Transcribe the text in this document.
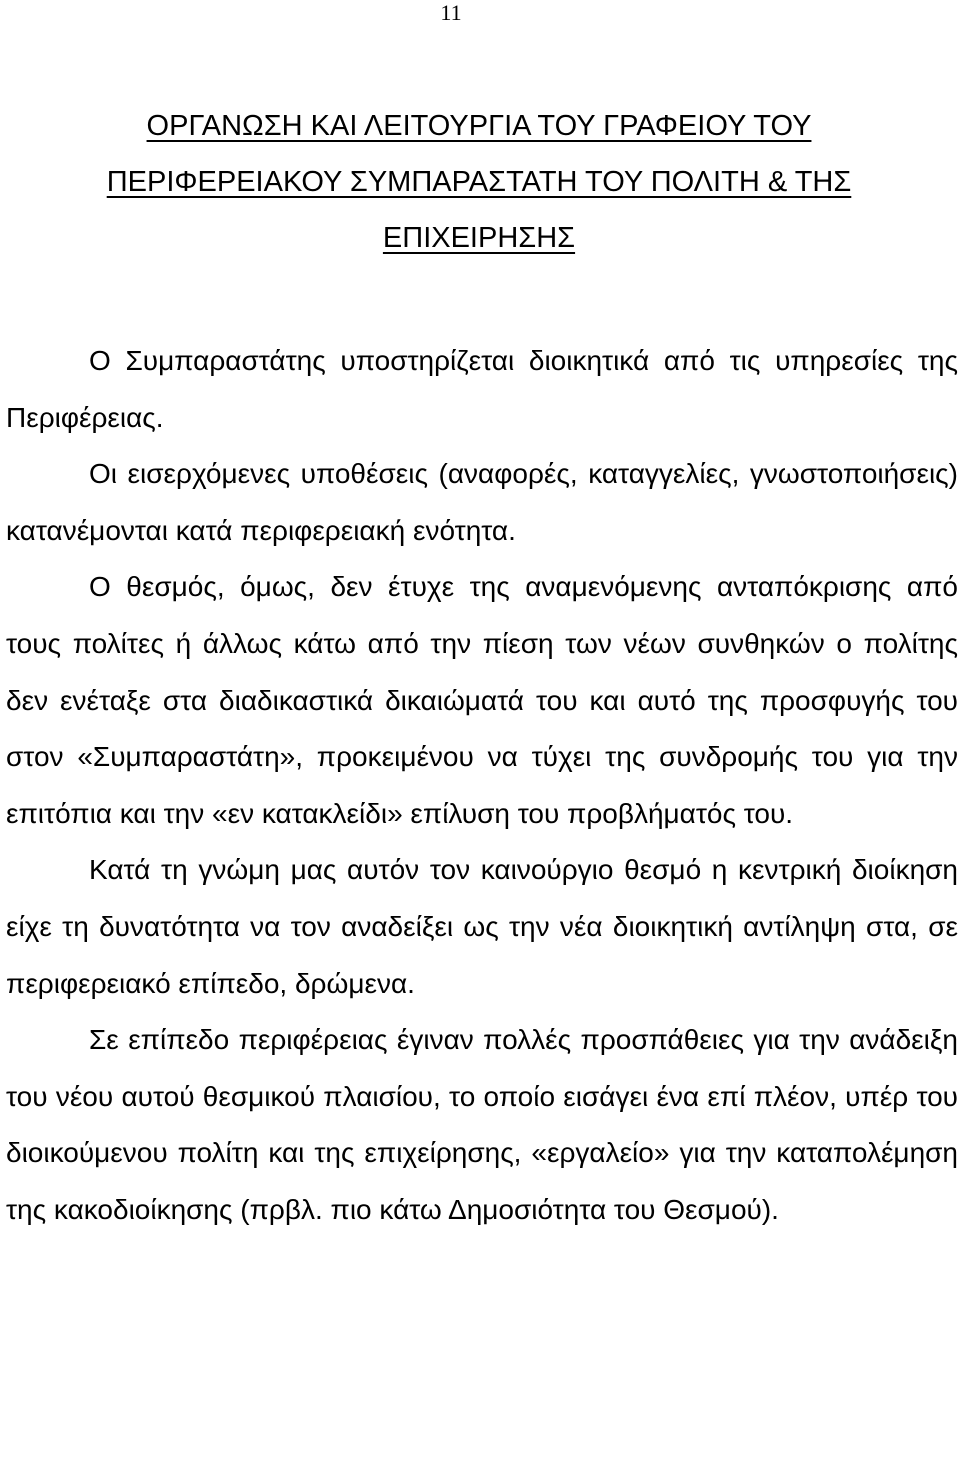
11
ΟΡΓΑΝΩΣΗ ΚΑΙ ΛΕΙΤΟΥΡΓΙΑ ΤΟΥ ΓΡΑΦΕΙΟΥ ΤΟΥ
ΠΕΡΙΦΕΡΕΙΑΚΟΥ ΣΥΜΠΑΡΑΣΤΑΤΗ ΤΟΥ ΠΟΛΙΤΗ & ΤΗΣ
ΕΠΙΧΕΙΡΗΣΗΣ

Ο Συμπαραστάτης υποστηρίζεται διοικητικά από τις υπηρεσίες της Περιφέρειας.

Οι εισερχόμενες υποθέσεις (αναφορές, καταγγελίες, γνωστοποιήσεις) κατανέμονται κατά περιφερειακή ενότητα.

Ο θεσμός, όμως, δεν έτυχε της αναμενόμενης ανταπόκρισης από τους πολίτες ή άλλως κάτω από την πίεση των νέων συνθηκών ο πολίτης δεν ενέταξε στα διαδικαστικά δικαιώματά του και αυτό της προσφυγής του στον «Συμπαραστάτη», προκειμένου να τύχει της συνδρομής του για την επιτόπια και την «εν κατακλείδι» επίλυση του προβλήματός του.

Κατά τη γνώμη μας αυτόν τον καινούργιο θεσμό η κεντρική διοίκηση είχε τη δυνατότητα να τον αναδείξει ως την νέα διοικητική αντίληψη στα, σε περιφερειακό επίπεδο, δρώμενα.

Σε επίπεδο περιφέρειας έγιναν πολλές προσπάθειες για την ανάδειξη του νέου αυτού θεσμικού πλαισίου, το οποίο εισάγει ένα επί πλέον, υπέρ του διοικούμενου πολίτη και της επιχείρησης, «εργαλείο» για την καταπολέμηση της κακοδιοίκησης (πρβλ. πιο κάτω Δημοσιότητα του Θεσμού).
